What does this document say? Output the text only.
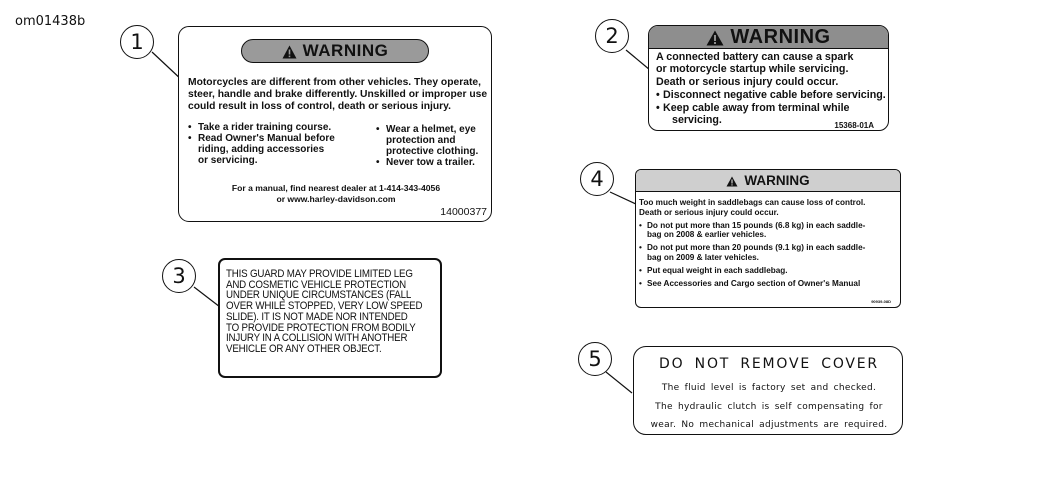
om01438b
1	2
3
4
5
WARNING
Motorcycles are different from other vehicles. They operate,
steer, handle and brake differently. Unskilled or improper use
could result in loss of control, death or serious injury.
• Take a rider training course.
• Read Owner's Manual before
riding, adding accessories
or servicing.
• Wear a helmet, eye
protection and
protective clothing.
• Never tow a trailer.
For a manual, find nearest dealer at 1-414-343-4056
or www.harley-davidson.com
14000377
WARNING
A connected battery can cause a spark
or motorcycle startup while servicing.
Death or serious injury could occur.
• Disconnect negative cable before servicing.
• Keep cable away from terminal while
servicing.	15368-01A
THIS GUARD MAY PROVIDE LIMITED LEG
AND COSMETIC VEHICLE PROTECTION
UNDER UNIQUE CIRCUMSTANCES (FALL
OVER WHILE STOPPED, VERY LOW SPEED
SLIDE). IT IS NOT MADE NOR INTENDED
TO PROVIDE PROTECTION FROM BODILY
INJURY IN A COLLISION WITH ANOTHER
VEHICLE OR ANY OTHER OBJECT.
WARNING
Too much weight in saddlebags can cause loss of control.
Death or serious injury could occur.
• Do not put more than 15 pounds (6.8 kg) in each saddle-
bag on 2008 & earlier vehicles.
• Do not put more than 20 pounds (9.1 kg) in each saddle-
bag on 2009 & later vehicles.
• Put equal weight in each saddlebag.
• See Accessories and Cargo section of Owner's Manual
90939-08D
DO NOT REMOVE COVER
The fluid level is factory set and checked.
The hydraulic clutch is self compensating for
wear. No mechanical adjustments are required.
